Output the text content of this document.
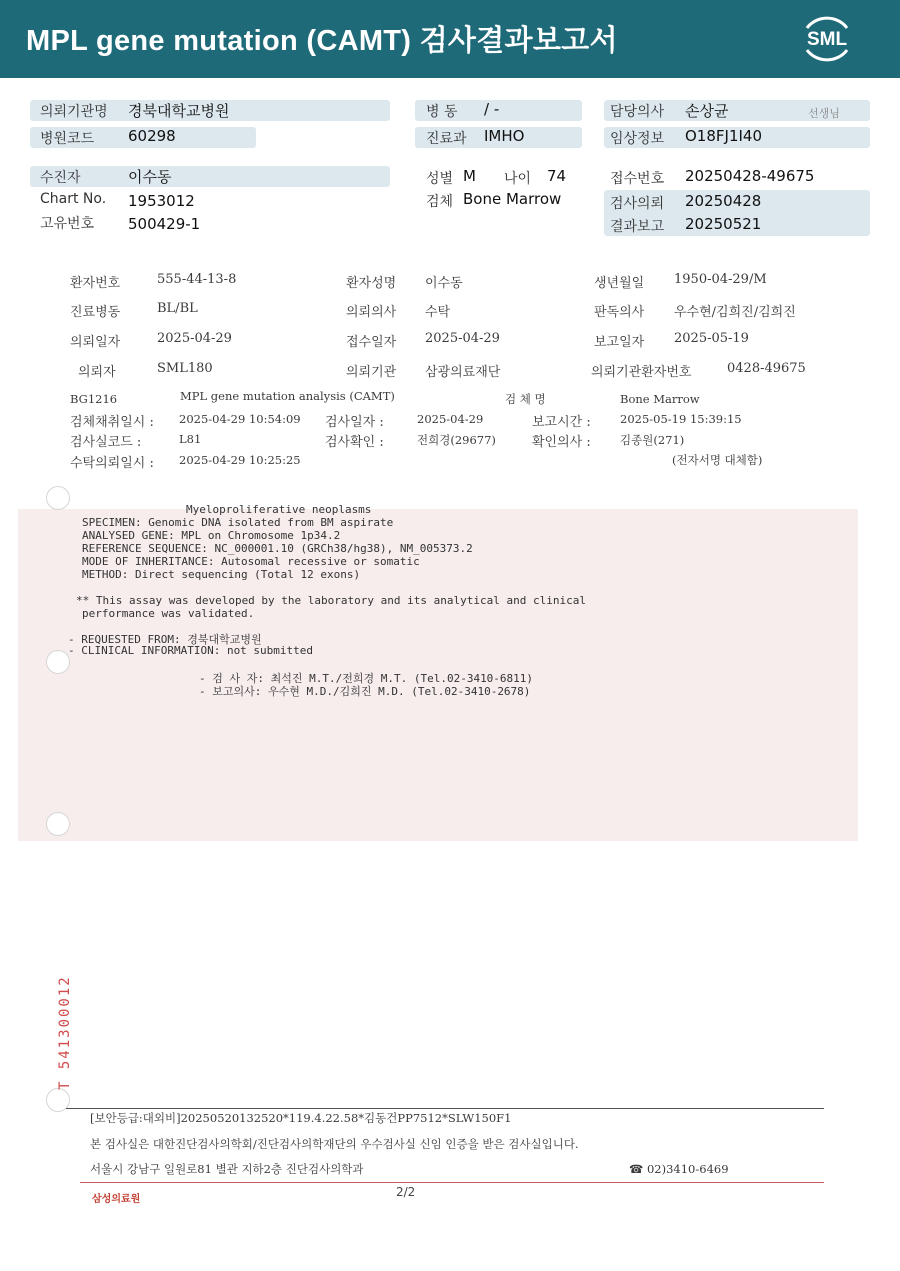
MPL gene mutation (CAMT) 검사결과보고서	SML
의뢰기관명 경북대학교병원
병원코드 60298
병 동 / -
진료과 IMHO
담당의사 손상균	선생님
임상정보 O18FJ1I40
수진자	이수동
Chart No. 1953012
고유번호 500429-1
성별 M 나이 74
검체 Bone Marrow
접수번호 20250428-49675
검사의뢰 20250428
결과보고 20250521
환자번호	555-44-13-8	환자성명 이수동	생년월일 1950-04-29/M
진료병동	BL/BL	의뢰의사 수탁	판독의사 우수현/김희진/김희진
의뢰일자	2025-04-29	접수일자 2025-04-29	보고일자 2025-05-19
의뢰자	SML180	의뢰기관 삼광의료재단	의뢰기관환자번호	0428-49675
BG1216	MPL gene mutation analysis (CAMT)	검 체 명	Bone Marrow
검체채취일시 : 2025-04-29 10:54:09 검사일자 :	2025-04-29	보고시간 :	2025-05-19 15:39:15
검사실코드 :	L81	검사확인 :	전희경(29677)	확인의사 :	김종원(271)
수탁의뢰일시 : 2025-04-29 10:25:25	(전자서명 대체함)
Myeloproliferative neoplasms
SPECIMEN: Genomic DNA isolated from BM aspirate
ANALYSED GENE: MPL on Chromosome 1p34.2
REFERENCE SEQUENCE: NC_000001.10 (GRCh38/hg38), NM_005373.2
MODE OF INHERITANCE: Autosomal recessive or somatic
METHOD: Direct sequencing (Total 12 exons)
** This assay was developed by the laboratory and its analytical and clinical
performance was validated.
- REQUESTED FROM: 경북대학교병원
- CLINICAL INFORMATION: not submitted
- 검 사 자: 최석진 M.T./전희경 M.T. (Tel.02-3410-6811)
- 보고의사: 우수현 M.D./김희진 M.D. (Tel.02-3410-2678)
T 541300012
[보안등급:대외비]20250520132520*119.4.22.58*김동건PP7512*SLW150F1
본 검사실은 대한진단검사의학회/진단검사의학재단의 우수검사실 신임 인증을 받은 검사실입니다.
서울시 강남구 일원로81 별관 지하2층 진단검사의학과	☎ 02)3410-6469
삼성의료원
2/2
